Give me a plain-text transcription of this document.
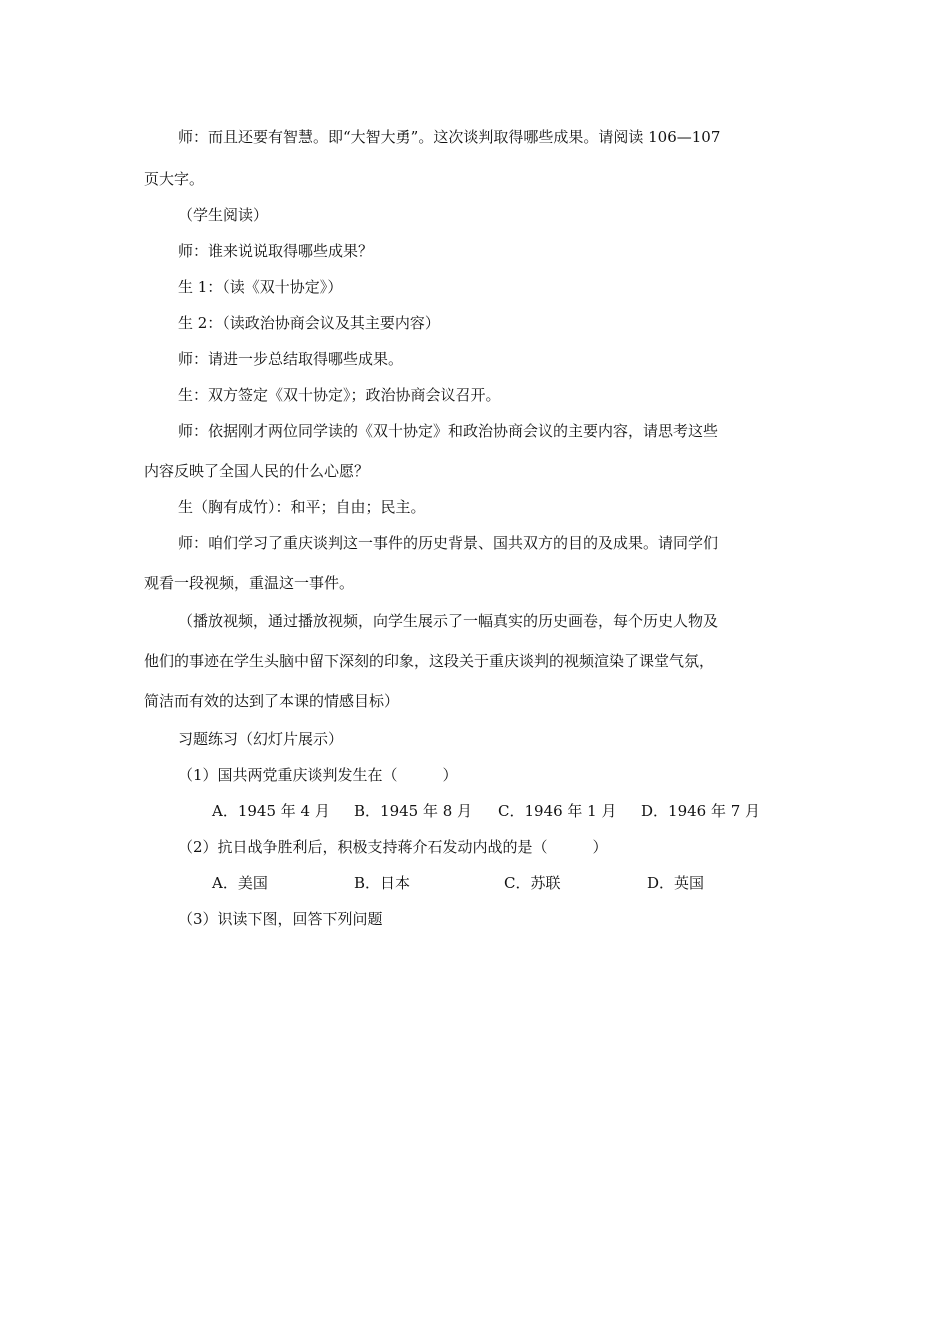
师：而且还要有智慧。即“大智大勇”。这次谈判取得哪些成果。请阅读 106—107
页大字。
（学生阅读）
师：谁来说说取得哪些成果？
生 1：（读《双十协定》）
生 2：（读政治协商会议及其主要内容）
师：请进一步总结取得哪些成果。
生：双方签定《双十协定》；政治协商会议召开。
师：依据刚才两位同学读的《双十协定》和政治协商会议的主要内容，请思考这些
内容反映了全国人民的什么心愿？
生（胸有成竹）：和平；自由；民主。
师：咱们学习了重庆谈判这一事件的历史背景、国共双方的目的及成果。请同学们
观看一段视频，重温这一事件。
（播放视频，通过播放视频，向学生展示了一幅真实的历史画卷，每个历史人物及
他们的事迹在学生头脑中留下深刻的印象，这段关于重庆谈判的视频渲染了课堂气氛，
简洁而有效的达到了本课的情感目标）
习题练习（幻灯片展示）
（1）国共两党重庆谈判发生在（　　　）
A．1945 年 4 月 B．1945 年 8 月 C．1946 年 1 月 D．1946 年 7 月
（2）抗日战争胜利后，积极支持蒋介石发动内战的是（　　　）
A．美国	B．日本	C．苏联	D．英国
（3）识读下图，回答下列问题
